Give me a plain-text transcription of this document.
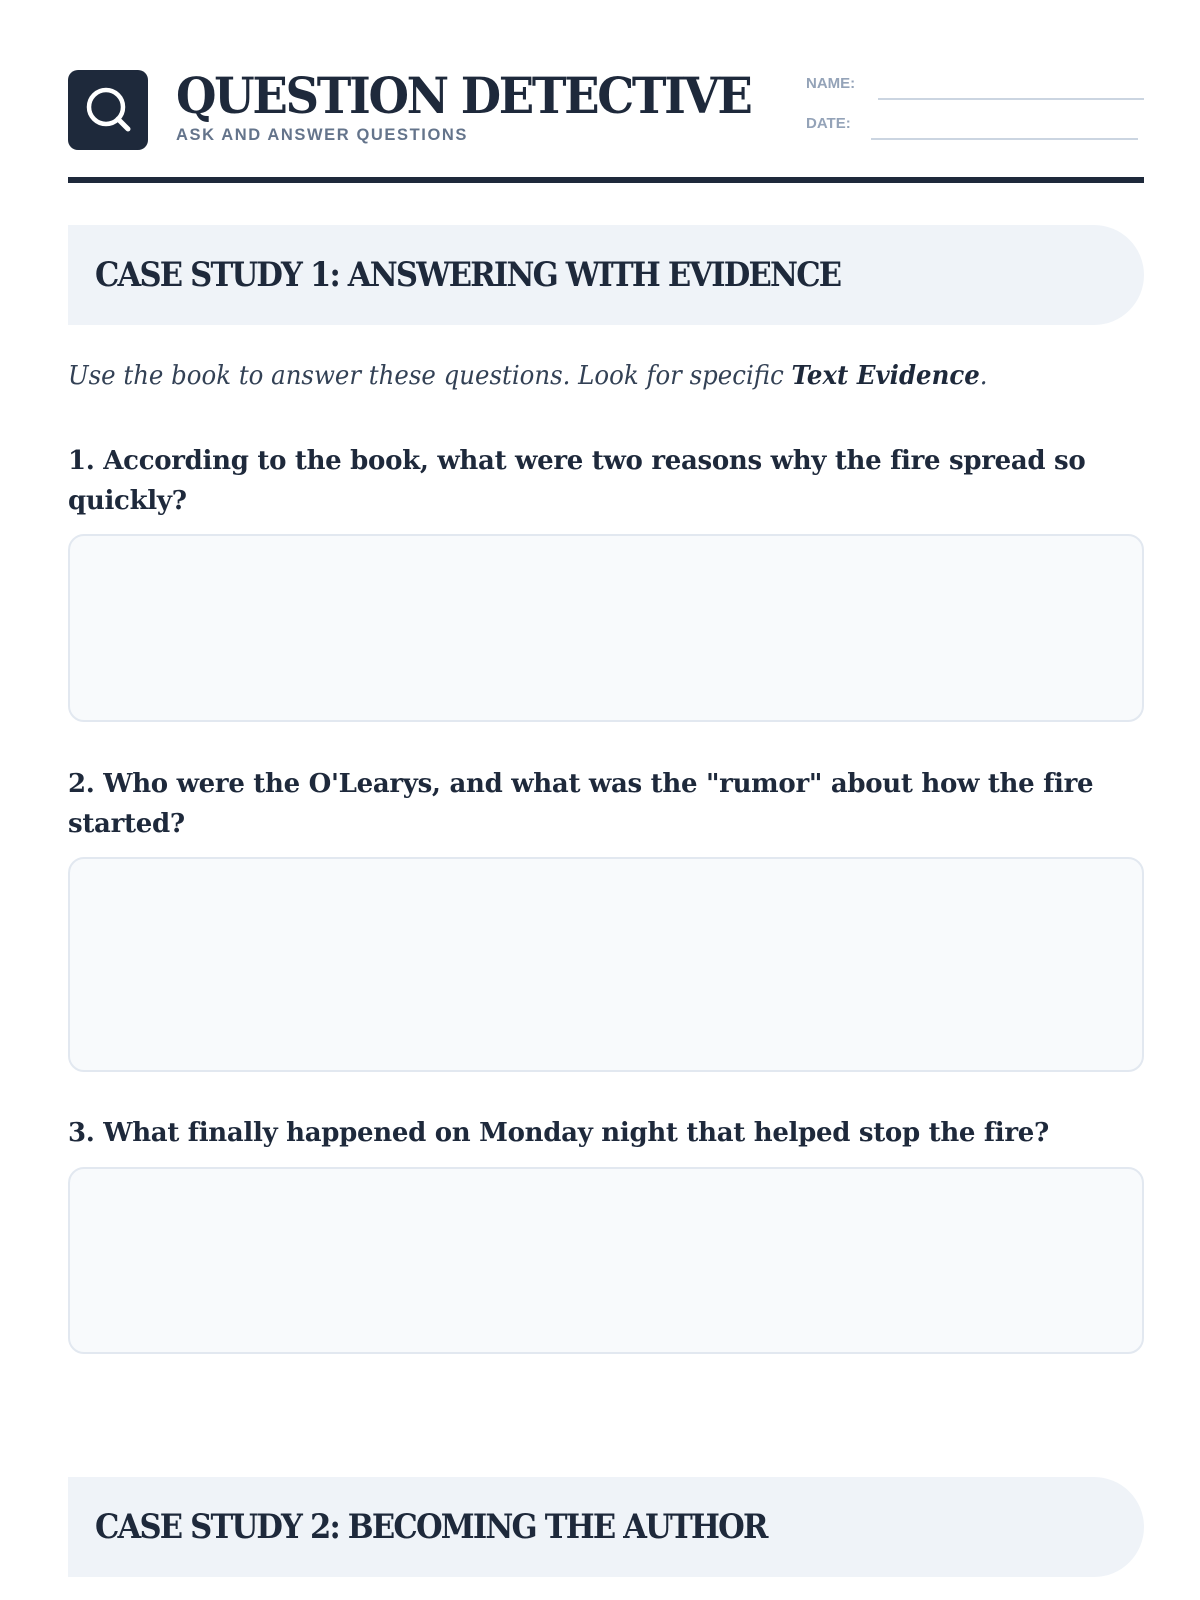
QUESTION DETECTIVE
ASK AND ANSWER QUESTIONS
NAME:
DATE:
CASE STUDY 1: ANSWERING WITH EVIDENCE
Use the book to answer these questions. Look for specific Text Evidence.
1. According to the book, what were two reasons why the fire spread so quickly?
2. Who were the O'Learys, and what was the "rumor" about how the fire started?
3. What finally happened on Monday night that helped stop the fire?
CASE STUDY 2: BECOMING THE AUTHOR
